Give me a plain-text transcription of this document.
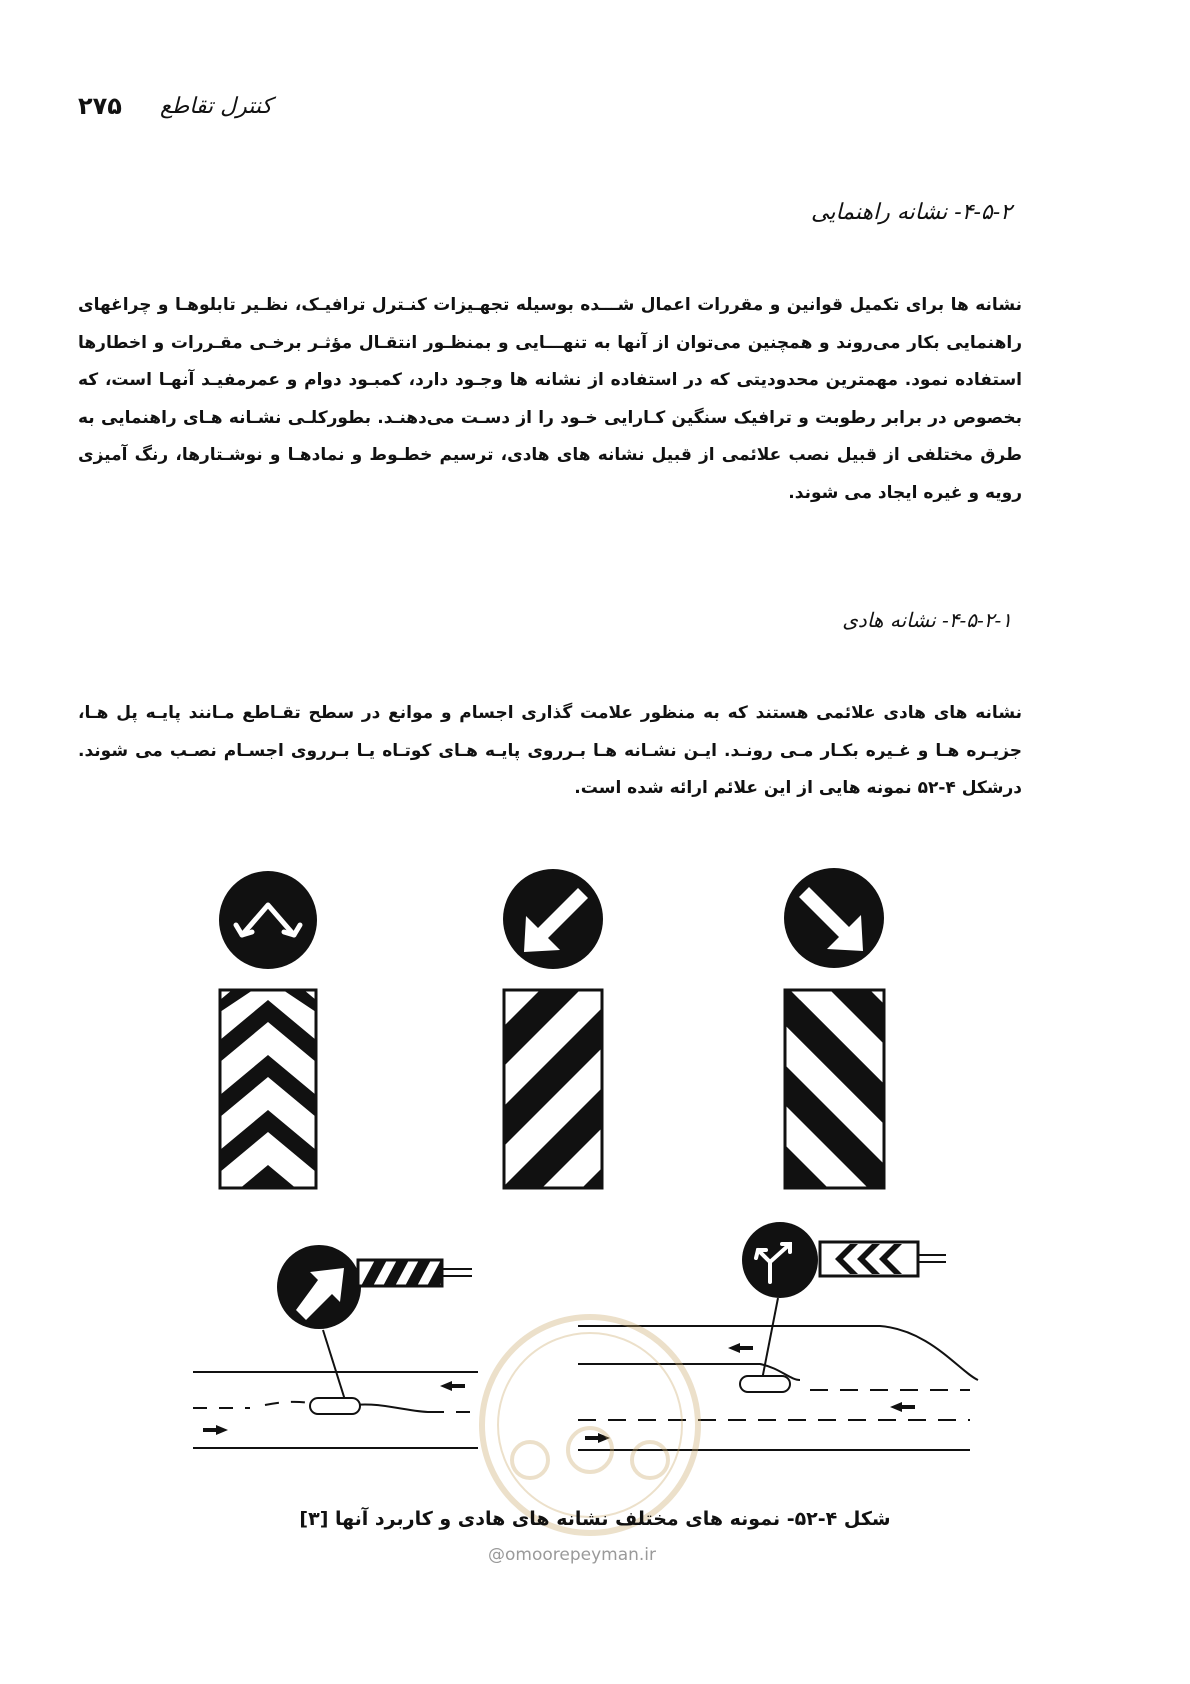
۲۷۵ کنترل تقاطع
۴-۵-۲- نشانه راهنمایی

نشانه ها برای تکمیل قوانین و مقررات اعمال شـــده بوسیله تجهـیزات کنـترل ترافیـک، نظـیر تابلوهـا و چراغهای راهنمایی بکار می‌روند و همچنین می‌توان از آنها به تنهـــایی و بمنظـور انتقـال مؤثـر برخـی مقـررات و اخطارها استفاده نمود. مهمترین محدودیتی که در استفاده از نشانه ها وجـود دارد، کمبـود دوام و عمرمفیـد آنهـا است، که بخصوص در برابر رطوبت و ترافیک سنگین کـارایی خـود را از دسـت می‌دهنـد. بطورکلـی نشـانه هـای راهنمایی به طرق مختلفی از قبیل نصب علائمی از قبیل نشانه های هادی، ترسیم خطـوط و نمادهـا و نوشـتارها، رنگ آمیزی رویه و غیره ایجاد می شوند.

۴-۵-۲-۱- نشانه هادی

نشانه های هادی علائمی هستند که به منظور علامت گذاری اجسام و موانع در سطح تقـاطع مـانند پایـه پل هـا، جزیـره هـا و غـیره بکـار مـی رونـد. ایـن نشـانه هـا بـرروی پایـه هـای کوتـاه یـا بـرروی اجسـام نصـب می شوند. درشکل ۴-۵۲ نمونه هایی از این علائم ارائه شده است.

شکل ۴-۵۲- نمونه های مختلف نشانه های هادی و کاربرد آنها [۳]
@omoorepeyman.ir
